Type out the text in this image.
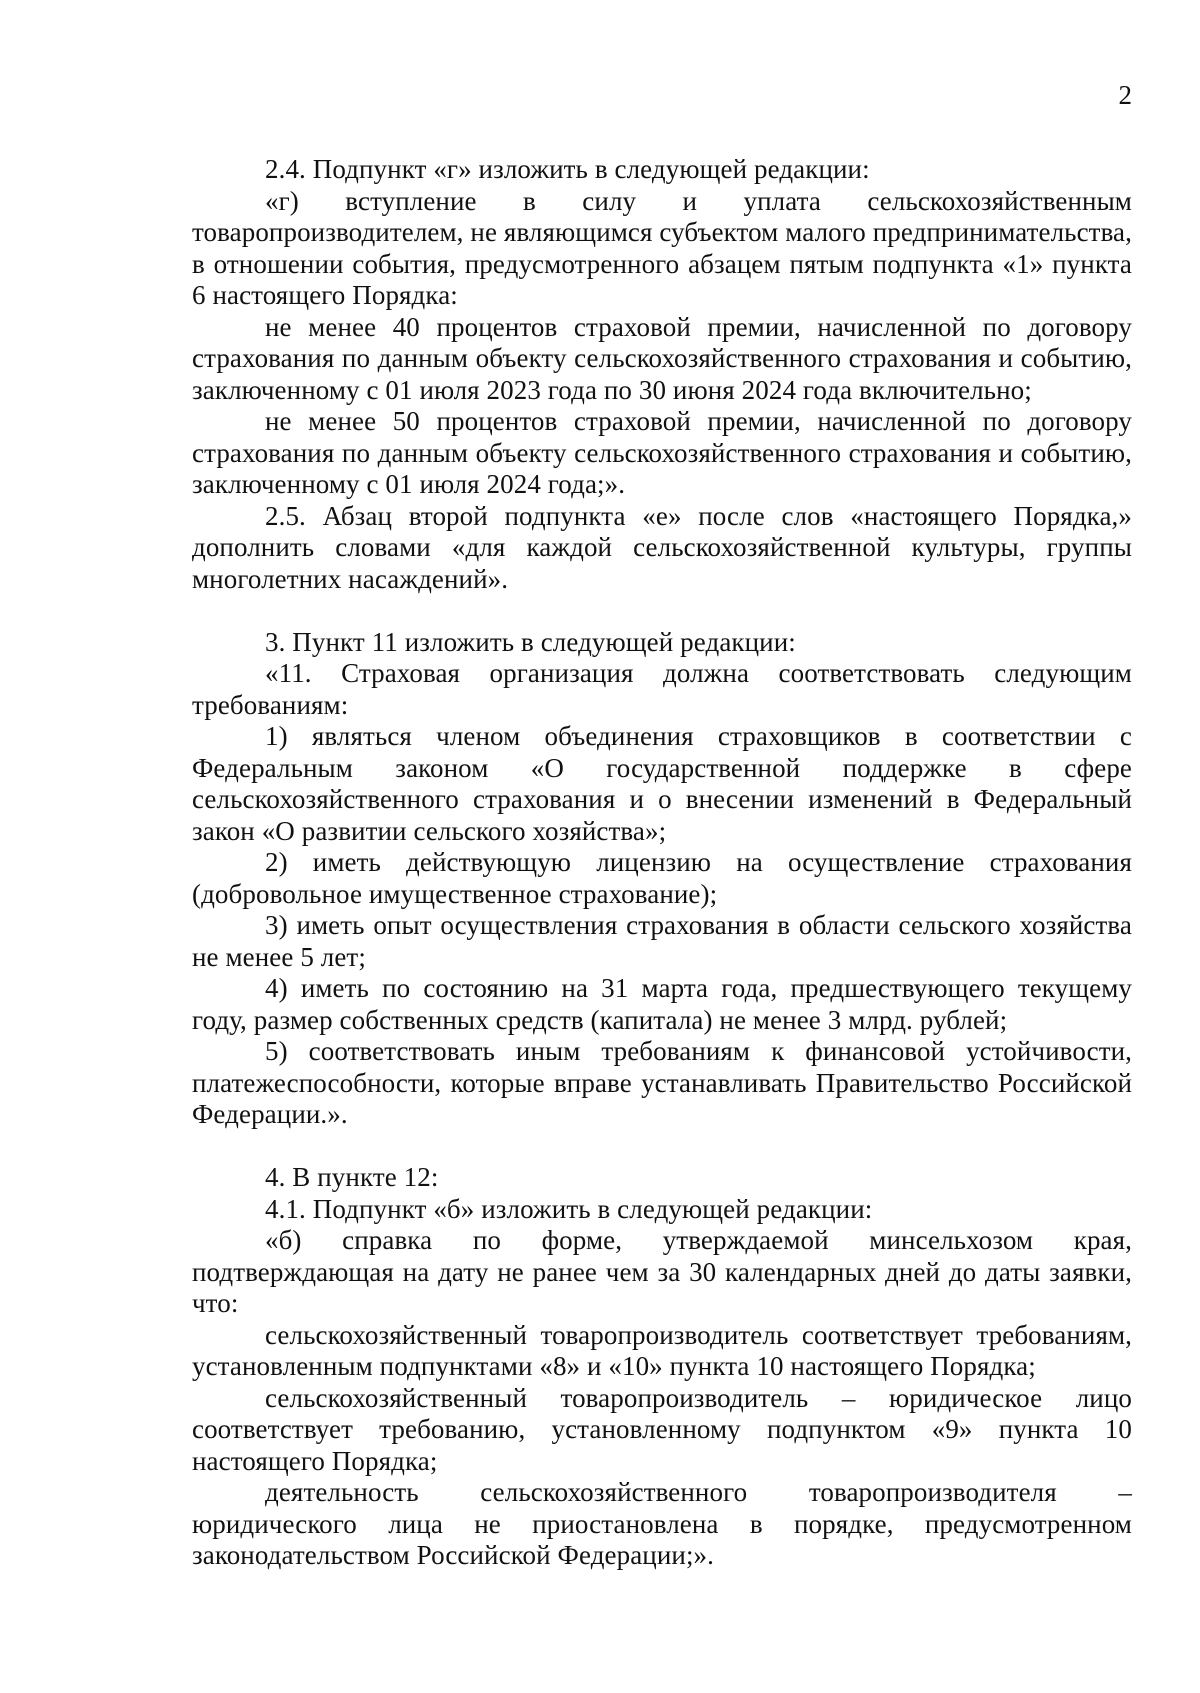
2

2.4. Подпункт «г» изложить в следующей редакции:

«г) вступление в силу и уплата сельскохозяйственным товаропроизводителем, не являющимся субъектом малого предпринимательства, в отношении события, предусмотренного абзацем пятым подпункта «1» пункта 6 настоящего Порядка:

не менее 40 процентов страховой премии, начисленной по договору страхования по данным объекту сельскохозяйственного страхования и событию, заключенному с 01 июля 2023 года по 30 июня 2024 года включительно;

не менее 50 процентов страховой премии, начисленной по договору страхования по данным объекту сельскохозяйственного страхования и событию, заключенному с 01 июля 2024 года;».

2.5. Абзац второй подпункта «е» после слов «настоящего Порядка,» дополнить словами «для каждой сельскохозяйственной культуры, группы многолетних насаждений».

3. Пункт 11 изложить в следующей редакции:

«11. Страховая организация должна соответствовать следующим требованиям:

1) являться членом объединения страховщиков в соответствии с Федеральным законом «О государственной поддержке в сфере сельскохозяйственного страхования и о внесении изменений в Федеральный закон «О развитии сельского хозяйства»;

2) иметь действующую лицензию на осуществление страхования (добровольное имущественное страхование);

3) иметь опыт осуществления страхования в области сельского хозяйства не менее 5 лет;

4) иметь по состоянию на 31 марта года, предшествующего текущему году, размер собственных средств (капитала) не менее 3 млрд. рублей;

5) соответствовать иным требованиям к финансовой устойчивости, платежеспособности, которые вправе устанавливать Правительство Российской Федерации.».

4. В пункте 12:

4.1. Подпункт «б» изложить в следующей редакции:

«б) справка по форме, утверждаемой минсельхозом края, подтверждающая на дату не ранее чем за 30 календарных дней до даты заявки, что:

сельскохозяйственный товаропроизводитель соответствует требованиям, установленным подпунктами «8» и «10» пункта 10 настоящего Порядка;

сельскохозяйственный товаропроизводитель – юридическое лицо соответствует требованию, установленному подпунктом «9» пункта 10 настоящего Порядка;

деятельность сельскохозяйственного товаропроизводителя – юридического лица не приостановлена в порядке, предусмотренном законодательством Российской Федерации;».
